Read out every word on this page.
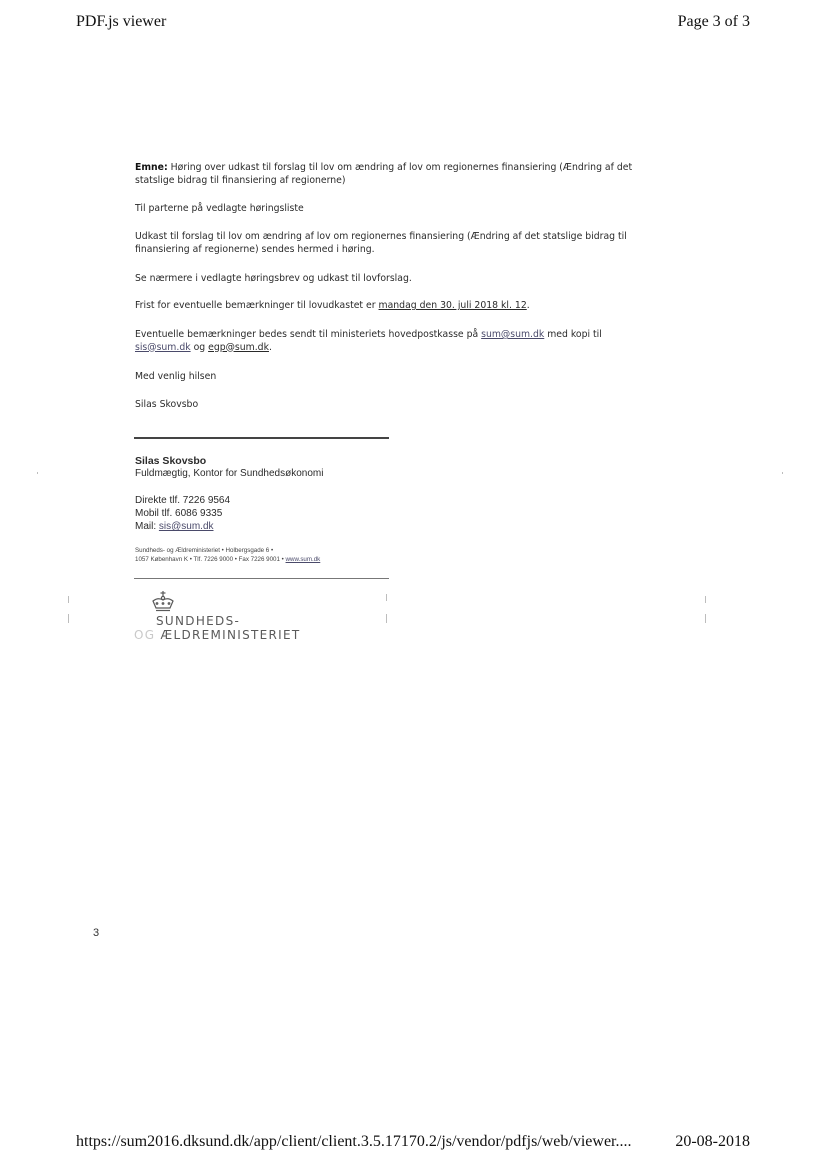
PDF.js viewer	Page 3 of 3
Emne: Høring over udkast til forslag til lov om ændring af lov om regionernes finansiering (Ændring af det statslige bidrag til finansiering af regionerne)
Til parterne på vedlagte høringsliste
Udkast til forslag til lov om ændring af lov om regionernes finansiering (Ændring af det statslige bidrag til finansiering af regionerne) sendes hermed i høring.
Se nærmere i vedlagte høringsbrev og udkast til lovforslag.
Frist for eventuelle bemærkninger til lovudkastet er mandag den 30. juli 2018 kl. 12.
Eventuelle bemærkninger bedes sendt til ministeriets hovedpostkasse på sum@sum.dk med kopi til
sis@sum.dk og egp@sum.dk.
Med venlig hilsen
Silas Skovsbo
Silas Skovsbo
Fuldmægtig, Kontor for Sundhedsøkonomi
Direkte tlf. 7226 9564
Mobil tlf. 6086 9335
Mail: sis@sum.dk
Sundheds- og Ældreministeriet • Holbergsgade 6 •
1057 København K • Tlf. 7226 9000 • Fax 7226 9001 • www.sum.dk
SUNDHEDS-
OG ÆLDREMINISTERIET
3
https://sum2016.dksund.dk/app/client/client.3.5.17170.2/js/vendor/pdfjs/web/viewer....	20-08-2018
